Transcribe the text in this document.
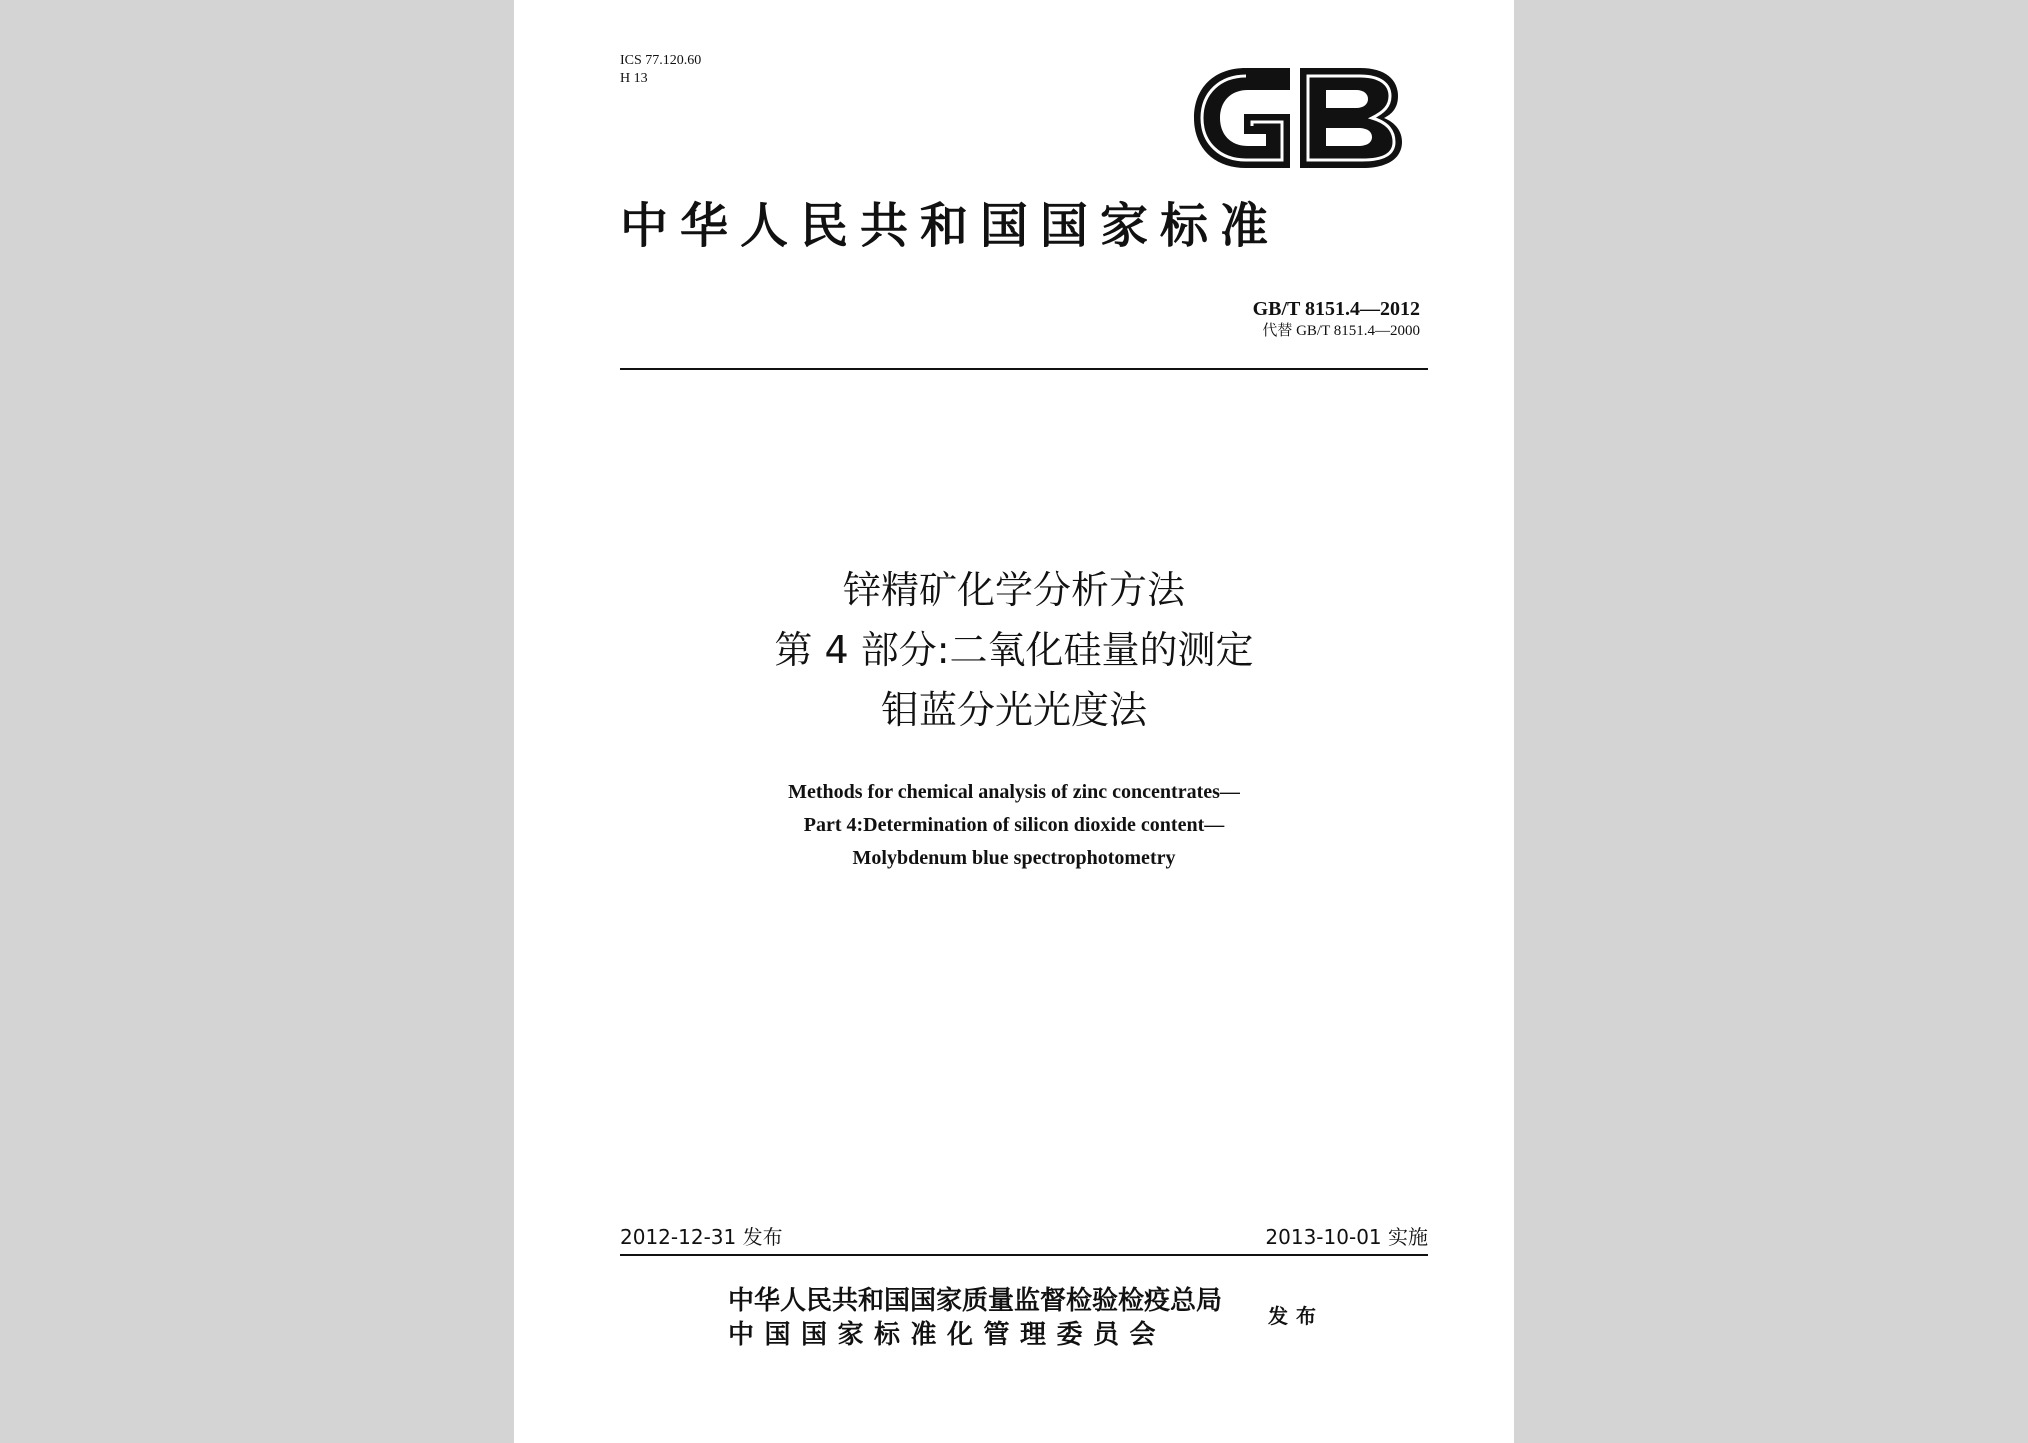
ICS 77.120.60
H 13
中华人民共和国国家标准
GB/T 8151.4—2012
代替 GB/T 8151.4—2000
锌精矿化学分析方法
第 4 部分:二氧化硅量的测定
钼蓝分光光度法
Methods for chemical analysis of zinc concentrates—
Part 4:Determination of silicon dioxide content—
Molybdenum blue spectrophotometry
2012-12-31 发布	2013-10-01 实施
中华人民共和国国家质量监督检验检疫总局
中国国家标准化管理委员会
发布
